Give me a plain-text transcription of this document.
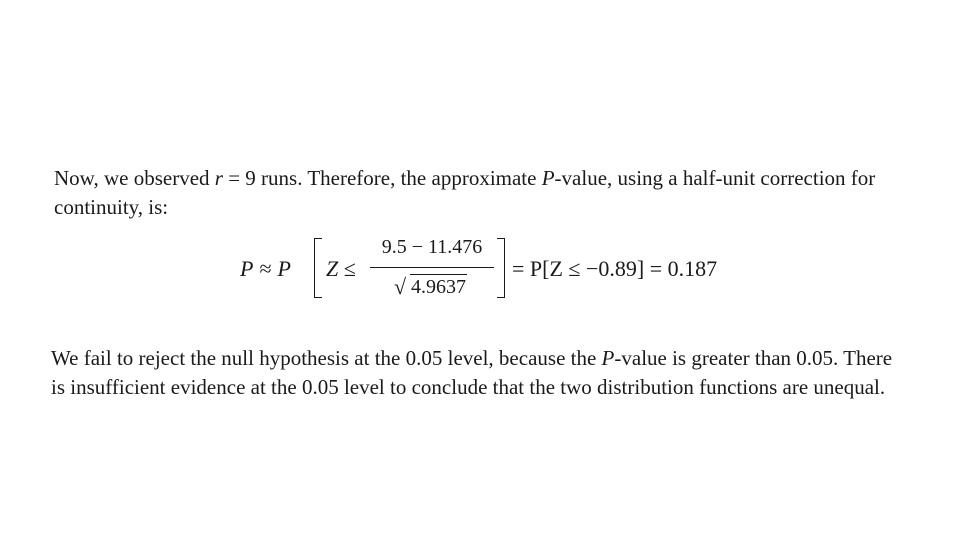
Now, we observed r = 9 runs. Therefore, the approximate P-value, using a half-unit correction for
continuity, is:

P ≈ P Z ≤
9.5 − 11.476
√ 4.9637
= P[Z ≤ −0.89] = 0.187

We fail to reject the null hypothesis at the 0.05 level, because the P-value is greater than 0.05. There
is insufficient evidence at the 0.05 level to conclude that the two distribution functions are unequal.
